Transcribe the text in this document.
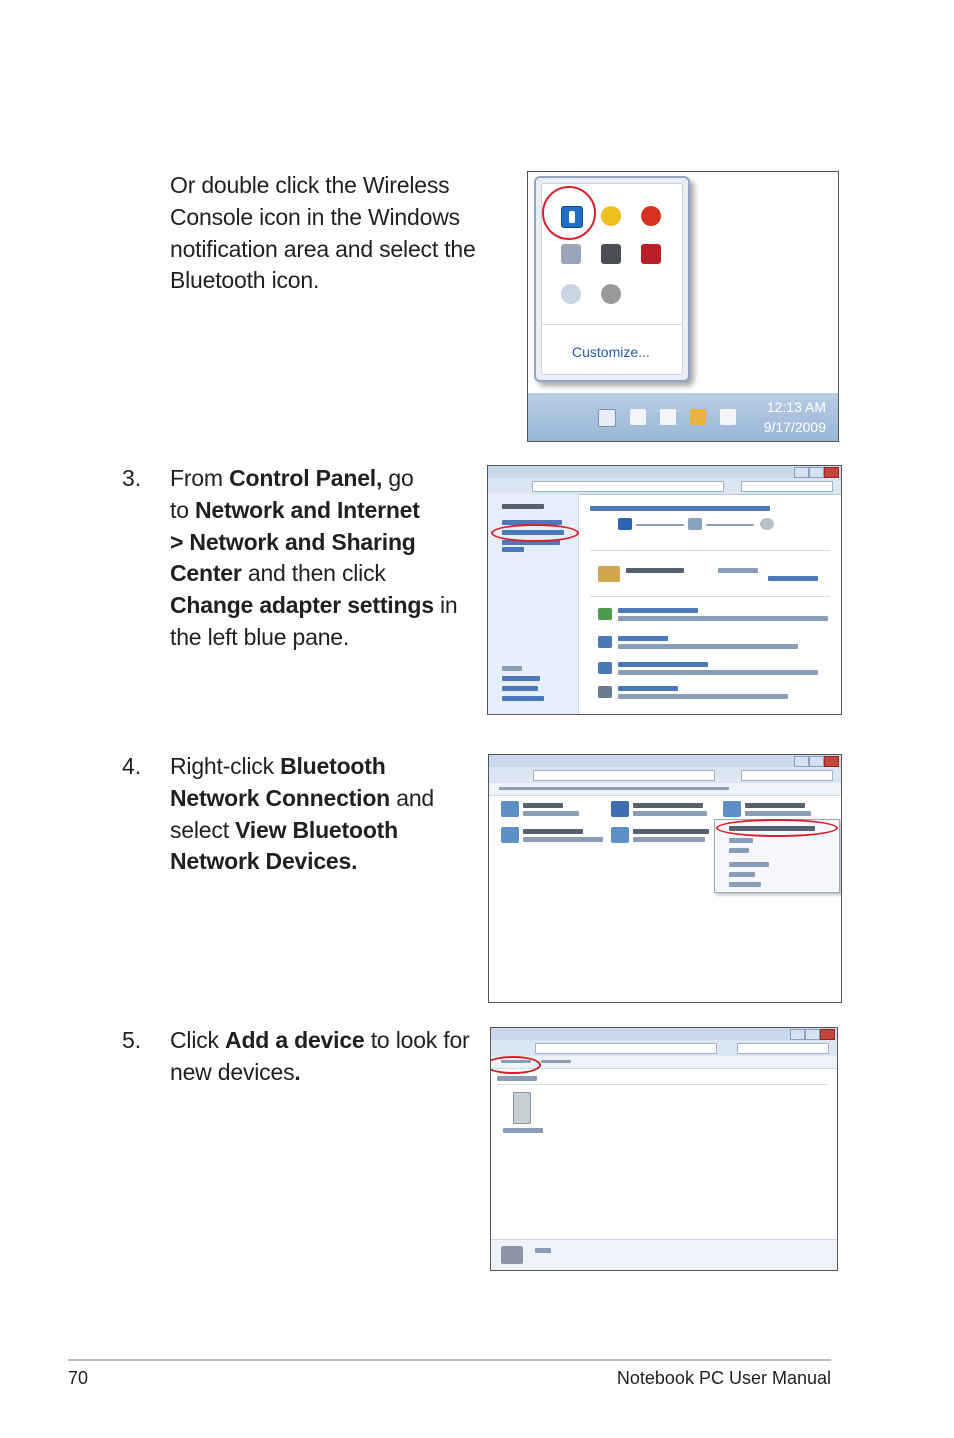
Or double click the Wireless
Console icon in the Windows
notification area and select the
Bluetooth icon.
Customize...
12:13 AM
9/17/2009
3. From Control Panel, go
to Network and Internet
> Network and Sharing
Center and then click
Change adapter settings in
the left blue pane.
4. Right-click Bluetooth
Network Connection and
select View Bluetooth
Network Devices.
5. Click Add a device to look for
new devices.
70	Notebook PC User Manual
